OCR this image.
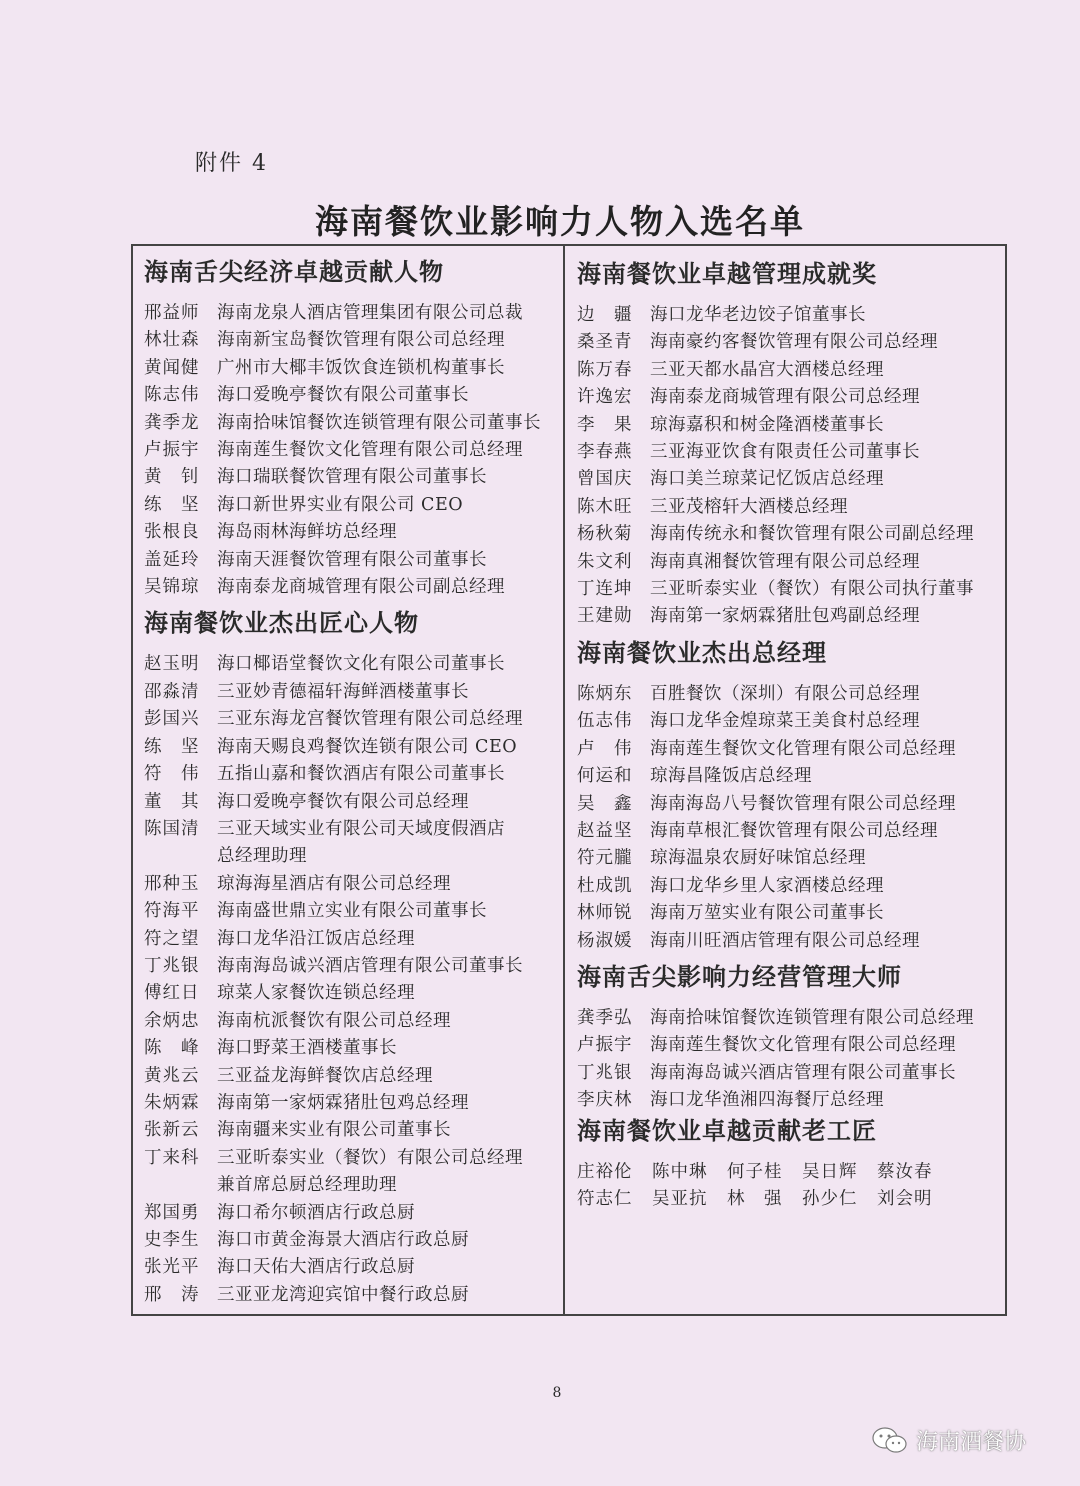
附件 4
海南餐饮业影响力人物入选名单
海南舌尖经济卓越贡献人物
邢益师	海南龙泉人酒店管理集团有限公司总裁
林壮森	海南新宝岛餐饮管理有限公司总经理
黄闻健	广州市大椰丰饭饮食连锁机构董事长
陈志伟	海口爱晚亭餐饮有限公司董事长
龚季龙	海南拾味馆餐饮连锁管理有限公司董事长
卢振宇	海南莲生餐饮文化管理有限公司总经理
黄　钊	海口瑞联餐饮管理有限公司董事长
练　坚	海口新世界实业有限公司 CEO
张根良	海岛雨林海鲜坊总经理
盖延玲	海南天涯餐饮管理有限公司董事长
吴锦琼	海南泰龙商城管理有限公司副总经理
海南餐饮业杰出匠心人物
赵玉明	海口椰语堂餐饮文化有限公司董事长
邵淼清	三亚妙青德福轩海鲜酒楼董事长
彭国兴	三亚东海龙宫餐饮管理有限公司总经理
练　坚	海南天赐良鸡餐饮连锁有限公司 CEO
符　伟	五指山嘉和餐饮酒店有限公司董事长
董　其	海口爱晚亭餐饮有限公司总经理
陈国清	三亚天域实业有限公司天域度假酒店
总经理助理
邢种玉	琼海海星酒店有限公司总经理
符海平	海南盛世鼎立实业有限公司董事长
符之望	海口龙华沿江饭店总经理
丁兆银	海南海岛诚兴酒店管理有限公司董事长
傅红日	琼菜人家餐饮连锁总经理
余炳忠	海南杭派餐饮有限公司总经理
陈　峰	海口野菜王酒楼董事长
黄兆云	三亚益龙海鲜餐饮店总经理
朱炳霖	海南第一家炳霖猪肚包鸡总经理
张新云	海南疆来实业有限公司董事长
丁来科	三亚昕泰实业（餐饮）有限公司总经理
兼首席总厨总经理助理
郑国勇	海口希尔顿酒店行政总厨
史李生	海口市黄金海景大酒店行政总厨
张光平	海口天佑大酒店行政总厨
邢　涛	三亚亚龙湾迎宾馆中餐行政总厨
海南餐饮业卓越管理成就奖
边　疆	海口龙华老边饺子馆董事长
桑圣青	海南豪约客餐饮管理有限公司总经理
陈万春	三亚天都水晶宫大酒楼总经理
许逸宏	海南泰龙商城管理有限公司总经理
李　果	琼海嘉积和树金隆酒楼董事长
李春燕	三亚海亚饮食有限责任公司董事长
曾国庆	海口美兰琼菜记忆饭店总经理
陈木旺	三亚茂榕轩大酒楼总经理
杨秋菊	海南传统永和餐饮管理有限公司副总经理
朱文利	海南真湘餐饮管理有限公司总经理
丁连坤	三亚昕泰实业（餐饮）有限公司执行董事
王建勋	海南第一家炳霖猪肚包鸡副总经理
海南餐饮业杰出总经理
陈炳东	百胜餐饮（深圳）有限公司总经理
伍志伟	海口龙华金煌琼菜王美食村总经理
卢　伟	海南莲生餐饮文化管理有限公司总经理
何运和	琼海昌隆饭店总经理
吴　鑫	海南海岛八号餐饮管理有限公司总经理
赵益坚	海南草根汇餐饮管理有限公司总经理
符元朧	琼海温泉农厨好味馆总经理
杜成凯	海口龙华乡里人家酒楼总经理
林师锐	海南万堃实业有限公司董事长
杨淑媛	海南川旺酒店管理有限公司总经理
海南舌尖影响力经营管理大师
龚季弘	海南拾味馆餐饮连锁管理有限公司总经理
卢振宇	海南莲生餐饮文化管理有限公司总经理
丁兆银	海南海岛诚兴酒店管理有限公司董事长
李庆林	海口龙华渔湘四海餐厅总经理
海南餐饮业卓越贡献老工匠
庄裕伦	陈中琳	何子桂	吴日辉	蔡汝春
符志仁	吴亚抗	林　强	孙少仁	刘会明
8
海南酒餐协
